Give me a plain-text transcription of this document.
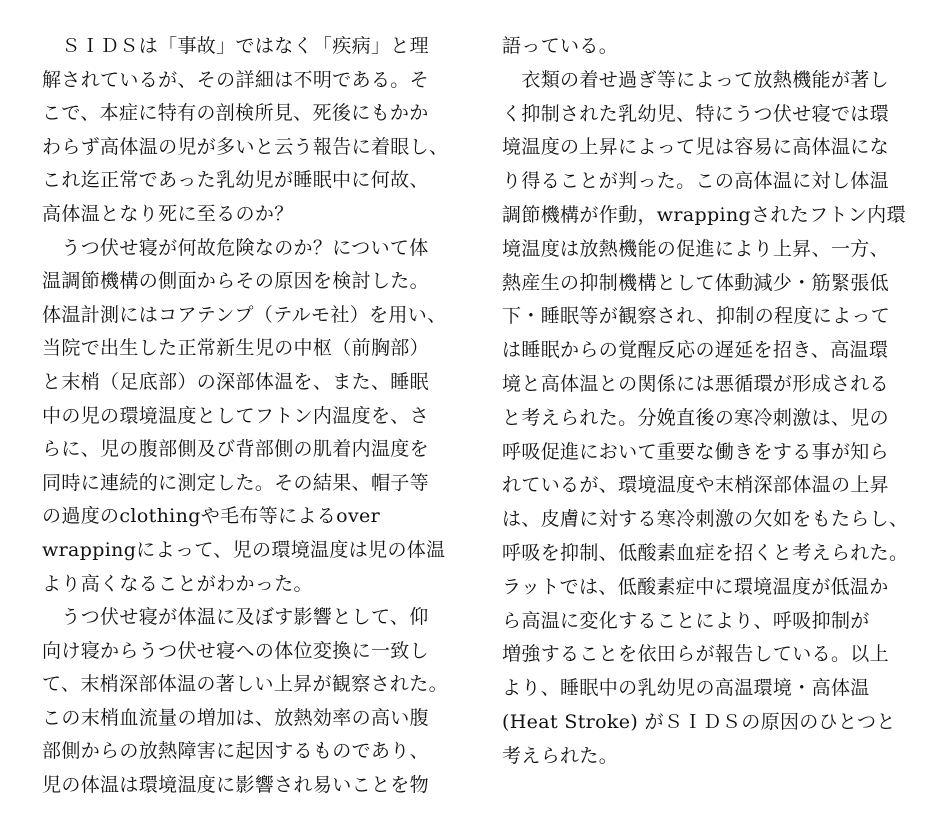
　ＳＩＤＳは「事故」ではなく「疾病」と理
解されているが、その詳細は不明である。そ
こで、本症に特有の剖検所見、死後にもかか
わらず高体温の児が多いと云う報告に着眼し、
これ迄正常であった乳幼児が睡眠中に何故、
高体温となり死に至るのか？
　うつ伏せ寝が何故危険なのか？について体
温調節機構の側面からその原因を検討した。
体温計測にはコアテンプ（テルモ社）を用い、
当院で出生した正常新生児の中枢（前胸部）
と末梢（足底部）の深部体温を、また、睡眠
中の児の環境温度としてフトン内温度を、さ
らに、児の腹部側及び背部側の肌着内温度を
同時に連続的に測定した。その結果、帽子等
の過度のclothingや毛布等によるover
wrappingによって、児の環境温度は児の体温
より高くなることがわかった。
　うつ伏せ寝が体温に及ぼす影響として、仰
向け寝からうつ伏せ寝への体位変換に一致し
て、末梢深部体温の著しい上昇が観察された。
この末梢血流量の増加は、放熱効率の高い腹
部側からの放熱障害に起因するものであり、
児の体温は環境温度に影響され易いことを物
語っている。
　衣類の着せ過ぎ等によって放熱機能が著し
く抑制された乳幼児、特にうつ伏せ寝では環
境温度の上昇によって児は容易に高体温にな
り得ることが判った。この高体温に対し体温
調節機構が作動，wrappingされたフトン内環
境温度は放熱機能の促進により上昇、一方、
熱産生の抑制機構として体動減少・筋緊張低
下・睡眠等が観察され、抑制の程度によって
は睡眠からの覚醒反応の遅延を招き、高温環
境と高体温との関係には悪循環が形成される
と考えられた。分娩直後の寒冷刺激は、児の
呼吸促進において重要な働きをする事が知ら
れているが、環境温度や末梢深部体温の上昇
は、皮膚に対する寒冷刺激の欠如をもたらし、
呼吸を抑制、低酸素血症を招くと考えられた。
ラットでは、低酸素症中に環境温度が低温か
ら高温に変化することにより、呼吸抑制が
増強することを依田らが報告している。以上
より、睡眠中の乳幼児の高温環境・高体温
(Heat Stroke) がＳＩＤＳの原因のひとつと
考えられた。
